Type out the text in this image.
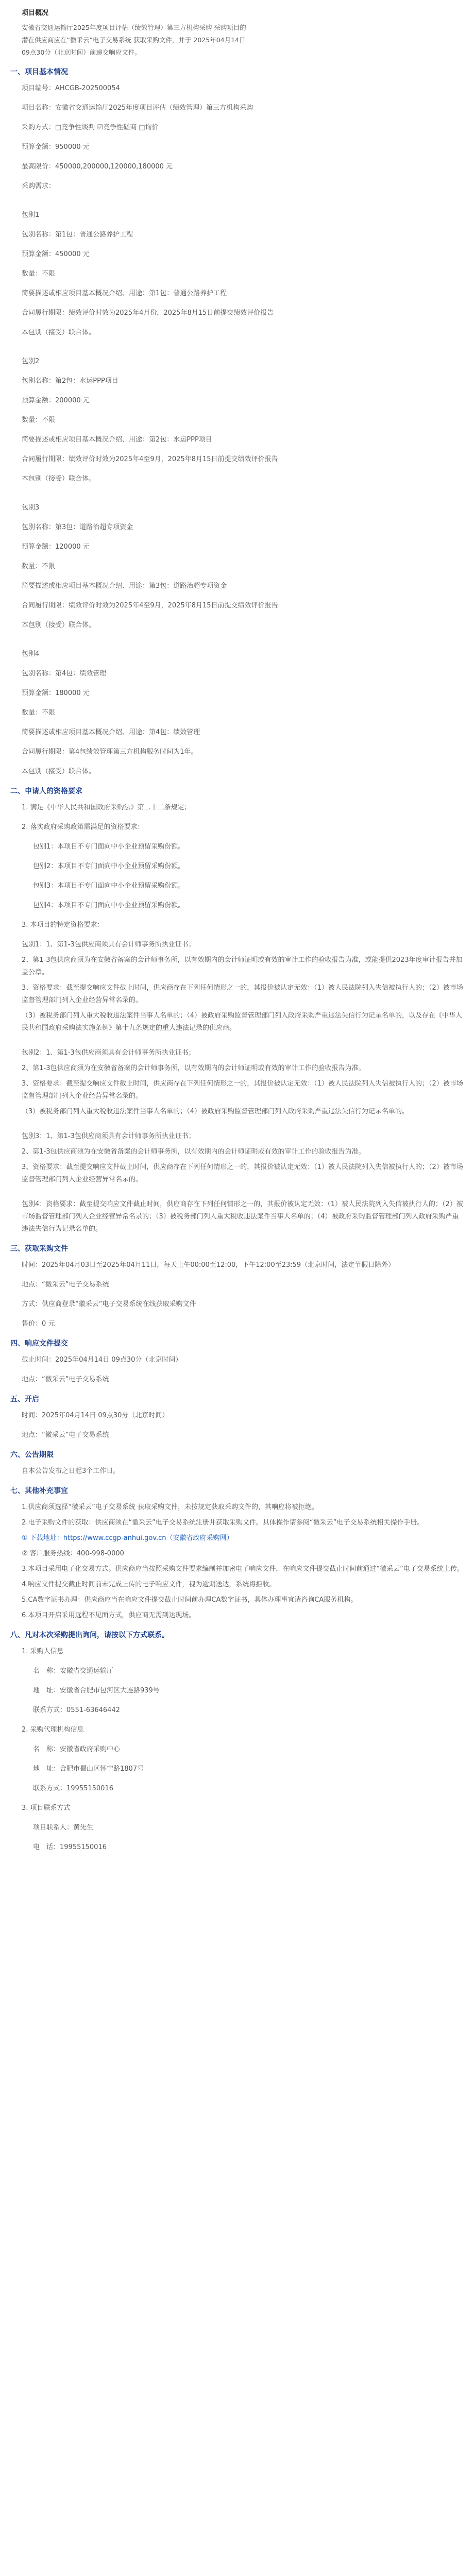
项目概况
安徽省交通运输厅2025年度项目评估（绩效管理）第三方机构采购 采购项目的潜在供应商应在“徽采云”电子交易系统 获取采购文件，并于 2025年04月14日 09点30分（北京时间）前递交响应文件。
一、项目基本情况
项目编号：AHCGB-202500054
项目名称：安徽省交通运输厅2025年度项目评估（绩效管理）第三方机构采购
采购方式：□竞争性谈判 ☑竞争性磋商 □询价
预算金额：950000 元
最高限价：450000,200000,120000,180000 元
采购需求：
包别1
包别名称：第1包：普通公路养护工程
预算金额：450000 元
数量：不限
简要描述或相应项目基本概况介绍、用途：第1包：普通公路养护工程
合同履行期限：绩效评价时效为2025年4月份，2025年8月15日前提交绩效评价报告
本包别（接受）联合体。
包别2
包别名称：第2包：水运PPP项目
预算金额：200000 元
数量：不限
简要描述或相应项目基本概况介绍、用途：第2包：水运PPP项目
合同履行期限：绩效评价时效为2025年4至9月，2025年8月15日前提交绩效评价报告
本包别（接受）联合体。
包别3
包别名称：第3包：道路治超专项资金
预算金额：120000 元
数量：不限
简要描述或相应项目基本概况介绍、用途：第3包：道路治超专项资金
合同履行期限：绩效评价时效为2025年4至9月，2025年8月15日前提交绩效评价报告
本包别（接受）联合体。
包别4
包别名称：第4包：绩效管理
预算金额：180000 元
数量：不限
简要描述或相应项目基本概况介绍、用途：第4包：绩效管理
合同履行期限：第4包绩效管理第三方机构服务时间为1年。
本包别（接受）联合体。
二、申请人的资格要求
1. 满足《中华人民共和国政府采购法》第二十二条规定；
2. 落实政府采购政策需满足的资格要求：
包别1：本项目不专门面向中小企业预留采购份额。
包别2：本项目不专门面向中小企业预留采购份额。
包别3：本项目不专门面向中小企业预留采购份额。
包别4：本项目不专门面向中小企业预留采购份额。
3. 本项目的特定资格要求：
包别1：1、第1-3包供应商须具有会计师事务所执业证书；
2、第1-3包供应商须为在安徽省备案的会计师事务所，以有效期内的会计师证明或有效的审计工作的验收报告为准，或能提供2023年度审计报告并加盖公章。
3、资格要求：截至提交响应文件截止时间，供应商存在下列任何情形之一的，其报价被认定无效：（1）被人民法院列入失信被执行人的；（2）被市场监督管理部门列入企业经营异常名录的。
（3）被税务部门列入重大税收违法案件当事人名单的；（4）被政府采购监督管理部门列入政府采购严重违法失信行为记录名单的，以及存在《中华人民共和国政府采购法实施条例》第十九条规定的重大违法记录的供应商。
包别2：1、第1-3包供应商须具有会计师事务所执业证书；
2、第1-3包供应商须为在安徽省备案的会计师事务所，以有效期内的会计师证明或有效的审计工作的验收报告为准。
3、资格要求：截至提交响应文件截止时间，供应商存在下列任何情形之一的，其报价被认定无效：（1）被人民法院列入失信被执行人的；（2）被市场监督管理部门列入企业经营异常名录的。
（3）被税务部门列入重大税收违法案件当事人名单的；（4）被政府采购监督管理部门列入政府采购严重违法失信行为记录名单的。
包别3：1、第1-3包供应商须具有会计师事务所执业证书；
2、第1-3包供应商须为在安徽省备案的会计师事务所，以有效期内的会计师证明或有效的审计工作的验收报告为准。
3、资格要求：截至提交响应文件截止时间，供应商存在下列任何情形之一的，其报价被认定无效：（1）被人民法院列入失信被执行人的；（2）被市场监督管理部门列入企业经营异常名录的。
包别4：资格要求：截至提交响应文件截止时间，供应商存在下列任何情形之一的，其报价被认定无效：（1）被人民法院列入失信被执行人的；（2）被市场监督管理部门列入企业经营异常名录的；（3）被税务部门列入重大税收违法案件当事人名单的；（4）被政府采购监督管理部门列入政府采购严重违法失信行为记录名单的。
三、获取采购文件
时间：2025年04月03日至2025年04月11日，每天上午00:00至12:00，下午12:00至23:59（北京时间，法定节假日除外）
地点：“徽采云”电子交易系统
方式：供应商登录“徽采云”电子交易系统在线获取采购文件
售价：0 元
四、响应文件提交
截止时间：2025年04月14日 09点30分（北京时间）
地点：“徽采云”电子交易系统
五、开启
时间：2025年04月14日 09点30分（北京时间）
地点：“徽采云”电子交易系统
六、公告期限
自本公告发布之日起3个工作日。
七、其他补充事宜
1.供应商须选择“徽采云”电子交易系统 获取采购文件，未按规定获取采购文件的，其响应将被拒绝。
2.电子采购文件的获取：供应商须在“徽采云”电子交易系统注册并获取采购文件。具体操作请参阅“徽采云”电子交易系统相关操作手册。
① 下载地址：https://www.ccgp-anhui.gov.cn（安徽省政府采购网）
② 客户服务热线：400-998-0000
3.本项目采用电子化交易方式。供应商应当按照采购文件要求编制并加密电子响应文件，在响应文件提交截止时间前通过“徽采云”电子交易系统上传。
4.响应文件提交截止时间前未完成上传的电子响应文件，视为逾期送达，系统将拒收。
5.CA数字证书办理：供应商应当在响应文件提交截止时间前办理CA数字证书，具体办理事宜请咨询CA服务机构。
6.本项目开启采用远程不见面方式，供应商无需到达现场。
八、凡对本次采购提出询问，请按以下方式联系。
1. 采购人信息
名　称：安徽省交通运输厅
地　址：安徽省合肥市包河区大连路939号
联系方式：0551-63646442
2. 采购代理机构信息
名　称：安徽省政府采购中心
地　址：合肥市蜀山区怀宁路1807号
联系方式：19955150016
3. 项目联系方式
项目联系人：黄先生
电　话：19955150016
